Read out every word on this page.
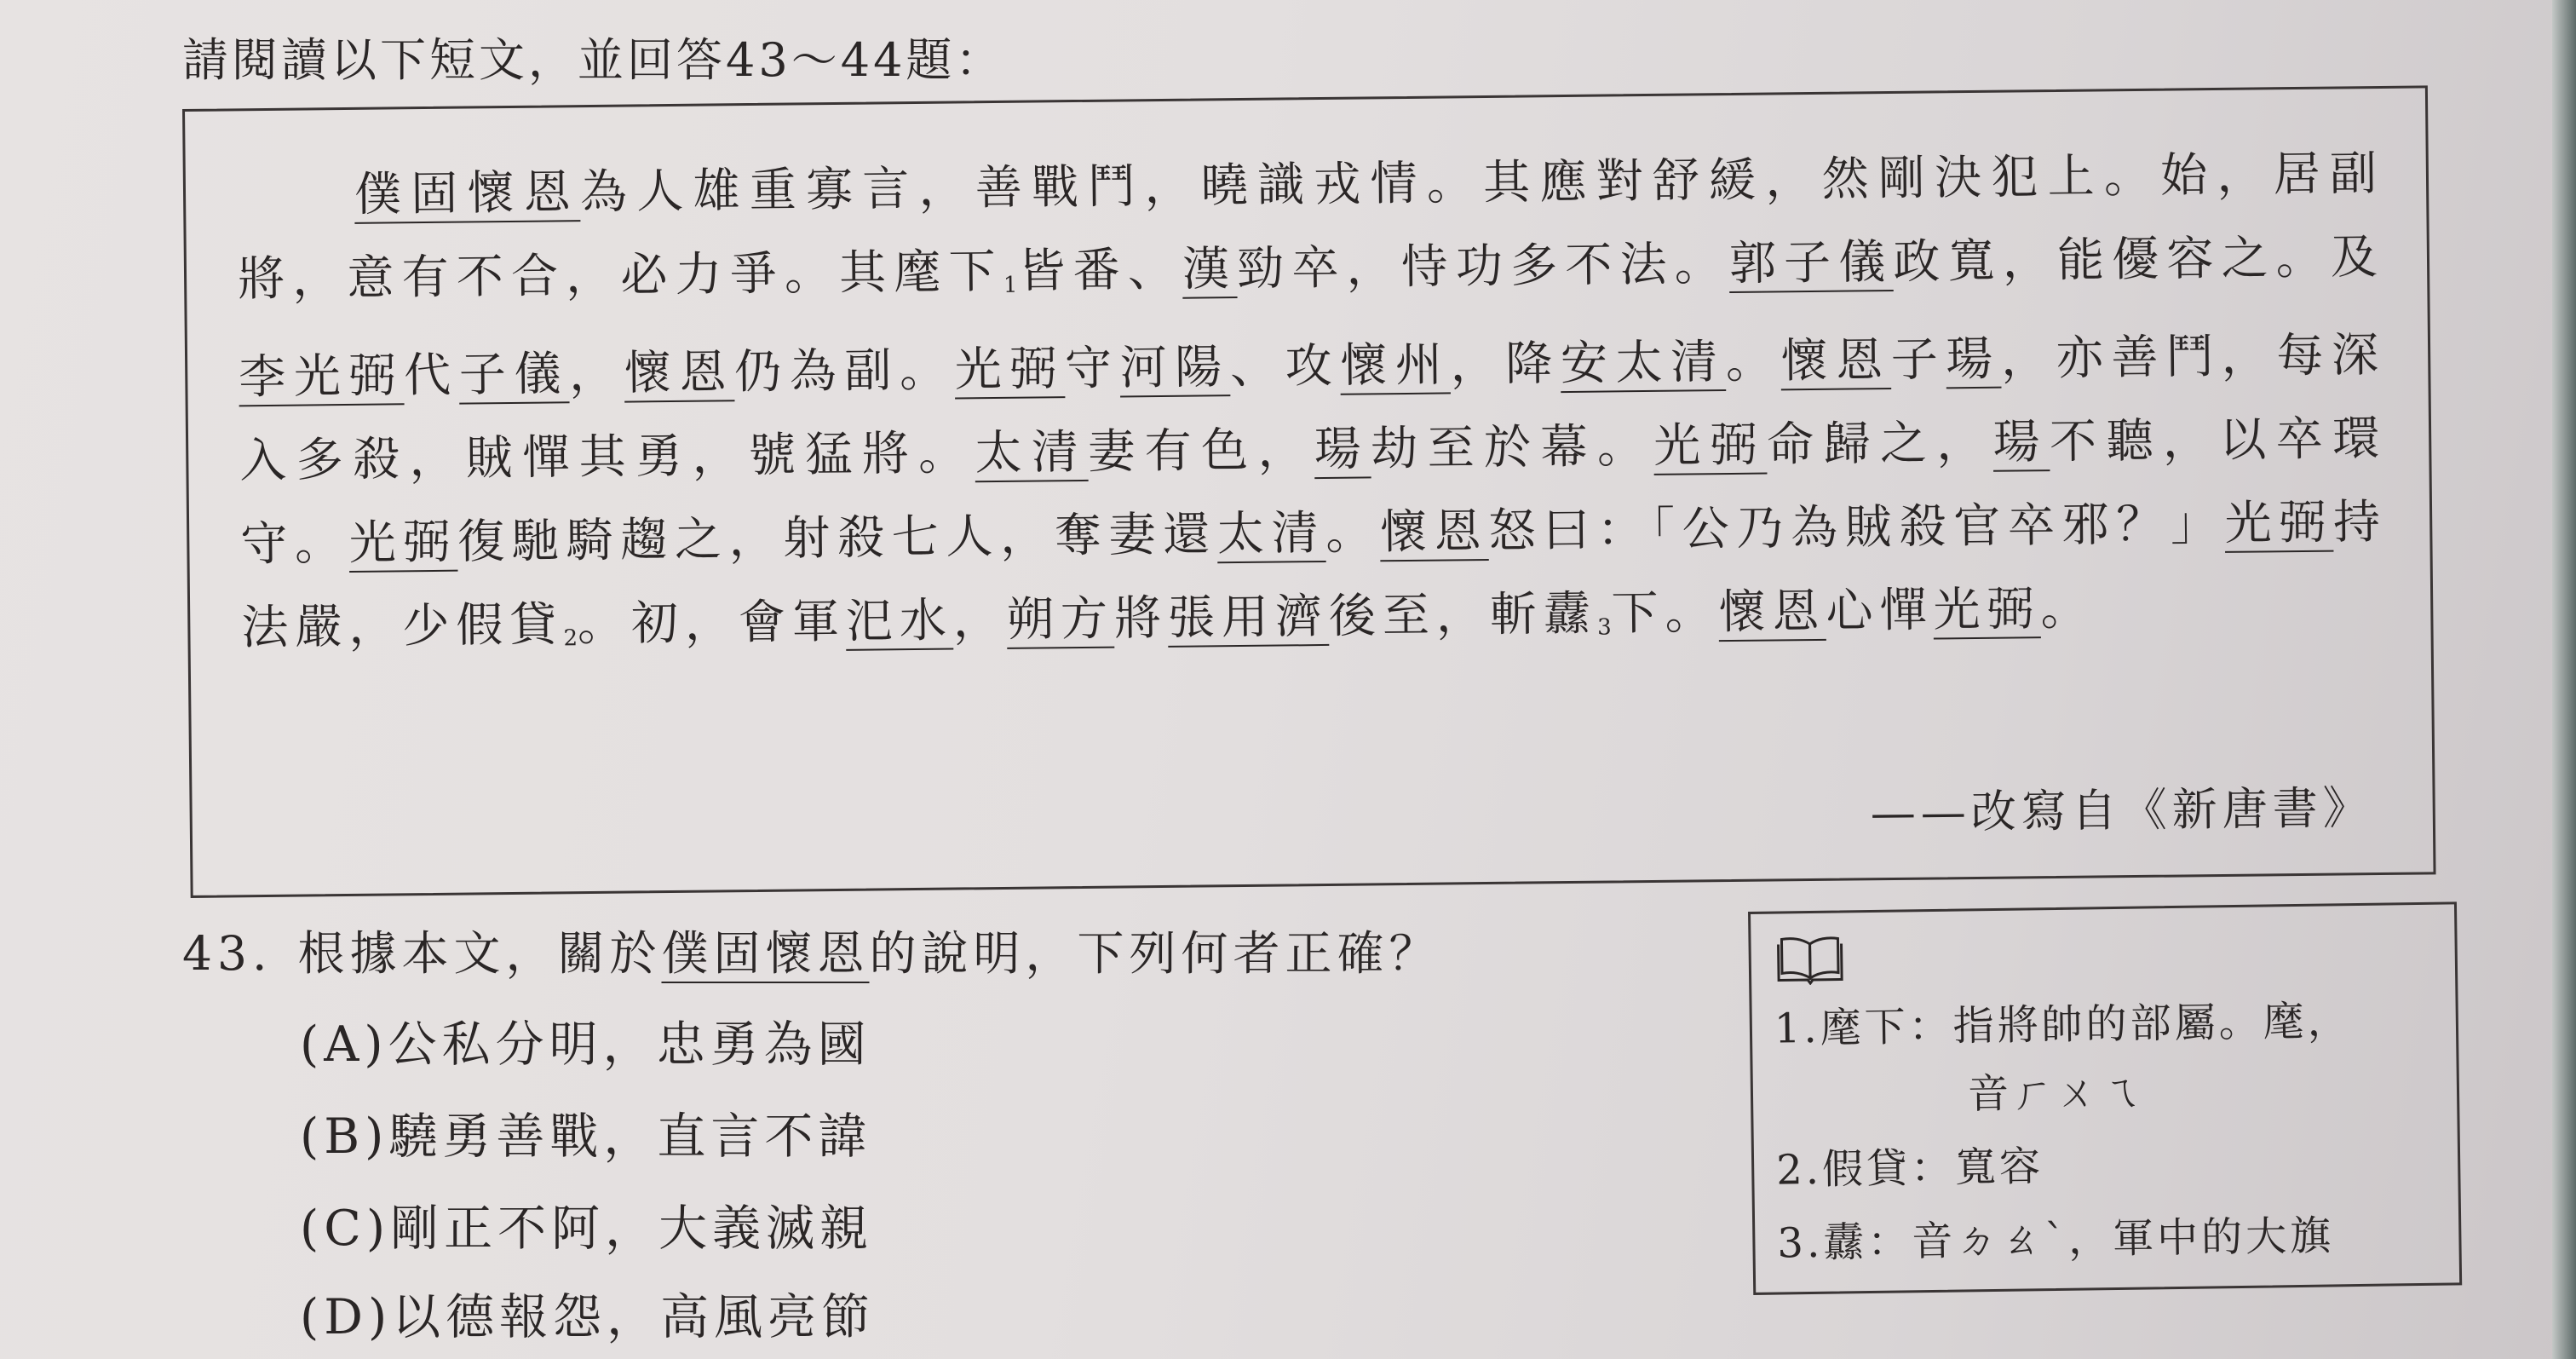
請閱讀以下短文，並回答43～44題：
僕固懷恩為人雄重寡言，善戰鬥，曉識戎情。其應對舒緩，然剛決犯上。始，居副將，意有不合，必力爭。其麾下$_1$皆番、漢勁卒，恃功多不法。郭子儀政寬，能優容之。及李光弼代子儀，懷恩仍為副。光弼守河陽、攻懷州，降安太清。懷恩子瑒，亦善鬥，每深入多殺，賊憚其勇，號猛將。太清妻有色，瑒劫至於幕。光弼命歸之，瑒不聽，以卒環守。光弼復馳騎趨之，射殺七人，奪妻還太清。懷恩怒曰：「公乃為賊殺官卒邪？」光弼持法嚴，少假貸$_2$。初，會軍汜水，朔方將張用濟後至，斬纛$_3$下。懷恩心憚光弼。
——改寫自《新唐書》
43. 根據本文，關於僕固懷恩的說明，下列何者正確？
(A)公私分明，忠勇為國
(B)驍勇善戰，直言不諱
(C)剛正不阿，大義滅親
(D)以德報怨，高風亮節
1.麾下：指將帥的部屬。麾，
音ㄏㄨㄟ
2.假貸：寬容
3.纛：音ㄉㄠˋ，軍中的大旗
